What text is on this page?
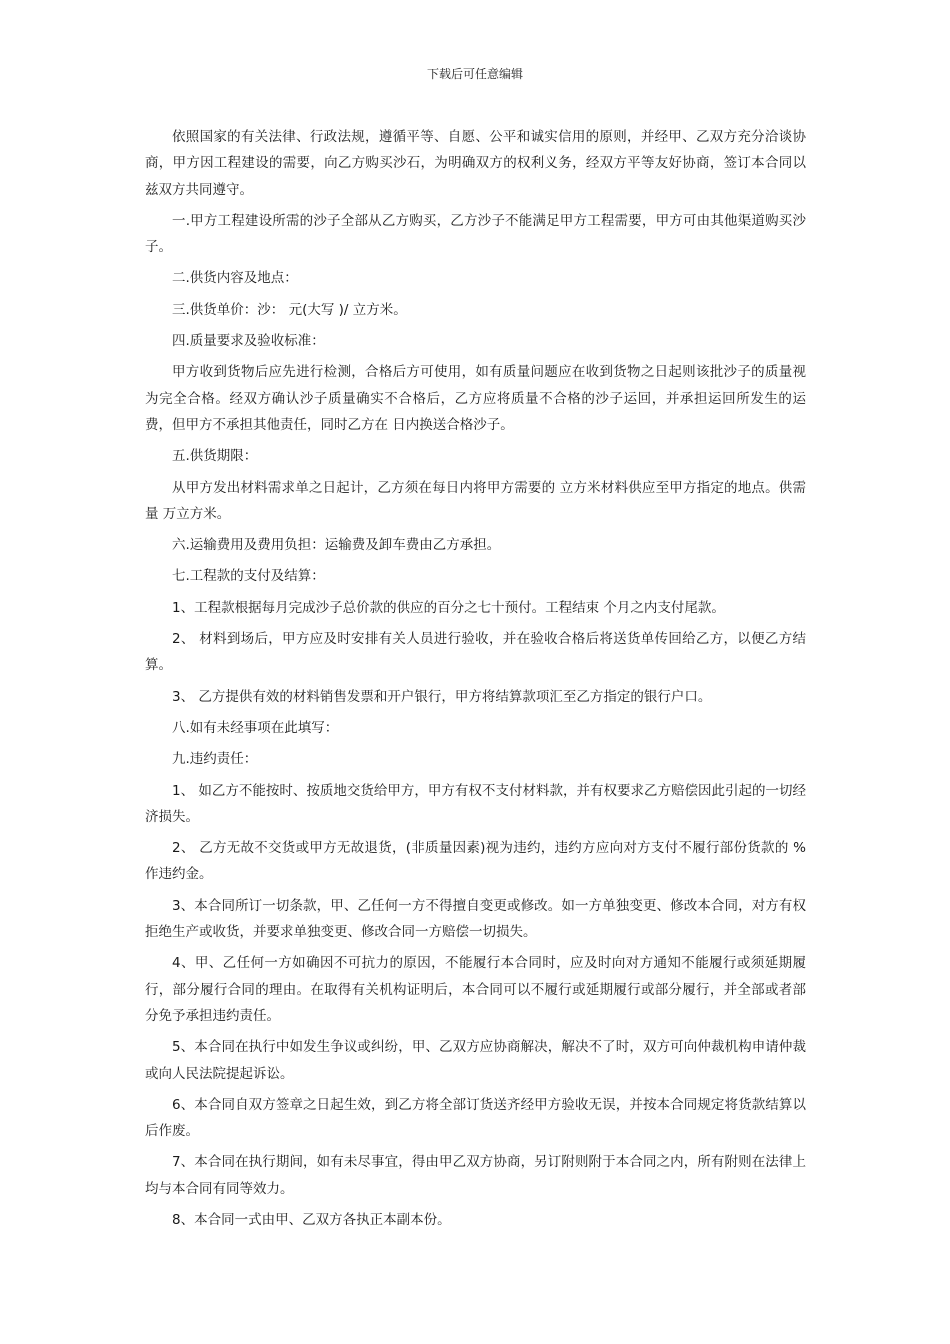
下载后可任意编辑

依照国家的有关法律、行政法规，遵循平等、自愿、公平和诚实信用的原则，并经甲、乙双方充分洽谈协商，甲方因工程建设的需要，向乙方购买沙石，为明确双方的权利义务，经双方平等友好协商，签订本合同以兹双方共同遵守。

一.甲方工程建设所需的沙子全部从乙方购买，乙方沙子不能满足甲方工程需要，甲方可由其他渠道购买沙子。

二.供货内容及地点：

三.供货单价：沙： 元(大写 )/ 立方米。

四.质量要求及验收标准：

甲方收到货物后应先进行检测，合格后方可使用，如有质量问题应在收到货物之日起则该批沙子的质量视为完全合格。经双方确认沙子质量确实不合格后，乙方应将质量不合格的沙子运回，并承担运回所发生的运费，但甲方不承担其他责任，同时乙方在 日内换送合格沙子。

五.供货期限：

从甲方发出材料需求单之日起计，乙方须在每日内将甲方需要的 立方米材料供应至甲方指定的地点。供需量 万立方米。

六.运输费用及费用负担：运输费及卸车费由乙方承担。

七.工程款的支付及结算：

1、工程款根据每月完成沙子总价款的供应的百分之七十预付。工程结束 个月之内支付尾款。

2、 材料到场后，甲方应及时安排有关人员进行验收，并在验收合格后将送货单传回给乙方，以便乙方结算。

3、 乙方提供有效的材料销售发票和开户银行，甲方将结算款项汇至乙方指定的银行户口。

八.如有未经事项在此填写：

九.违约责任：

1、 如乙方不能按时、按质地交货给甲方，甲方有权不支付材料款，并有权要求乙方赔偿因此引起的一切经济损失。

2、 乙方无故不交货或甲方无故退货，(非质量因素)视为违约，违约方应向对方支付不履行部份货款的 %作违约金。

3、本合同所订一切条款，甲、乙任何一方不得擅自变更或修改。如一方单独变更、修改本合同，对方有权拒绝生产或收货，并要求单独变更、修改合同一方赔偿一切损失。

4、甲、乙任何一方如确因不可抗力的原因，不能履行本合同时，应及时向对方通知不能履行或须延期履行，部分履行合同的理由。在取得有关机构证明后，本合同可以不履行或延期履行或部分履行，并全部或者部分免予承担违约责任。

5、本合同在执行中如发生争议或纠纷，甲、乙双方应协商解决，解决不了时，双方可向仲裁机构申请仲裁或向人民法院提起诉讼。

6、本合同自双方签章之日起生效，到乙方将全部订货送齐经甲方验收无误，并按本合同规定将货款结算以后作废。

7、本合同在执行期间，如有未尽事宜，得由甲乙双方协商，另订附则附于本合同之内，所有附则在法律上均与本合同有同等效力。

8、本合同一式由甲、乙双方各执正本副本份。
